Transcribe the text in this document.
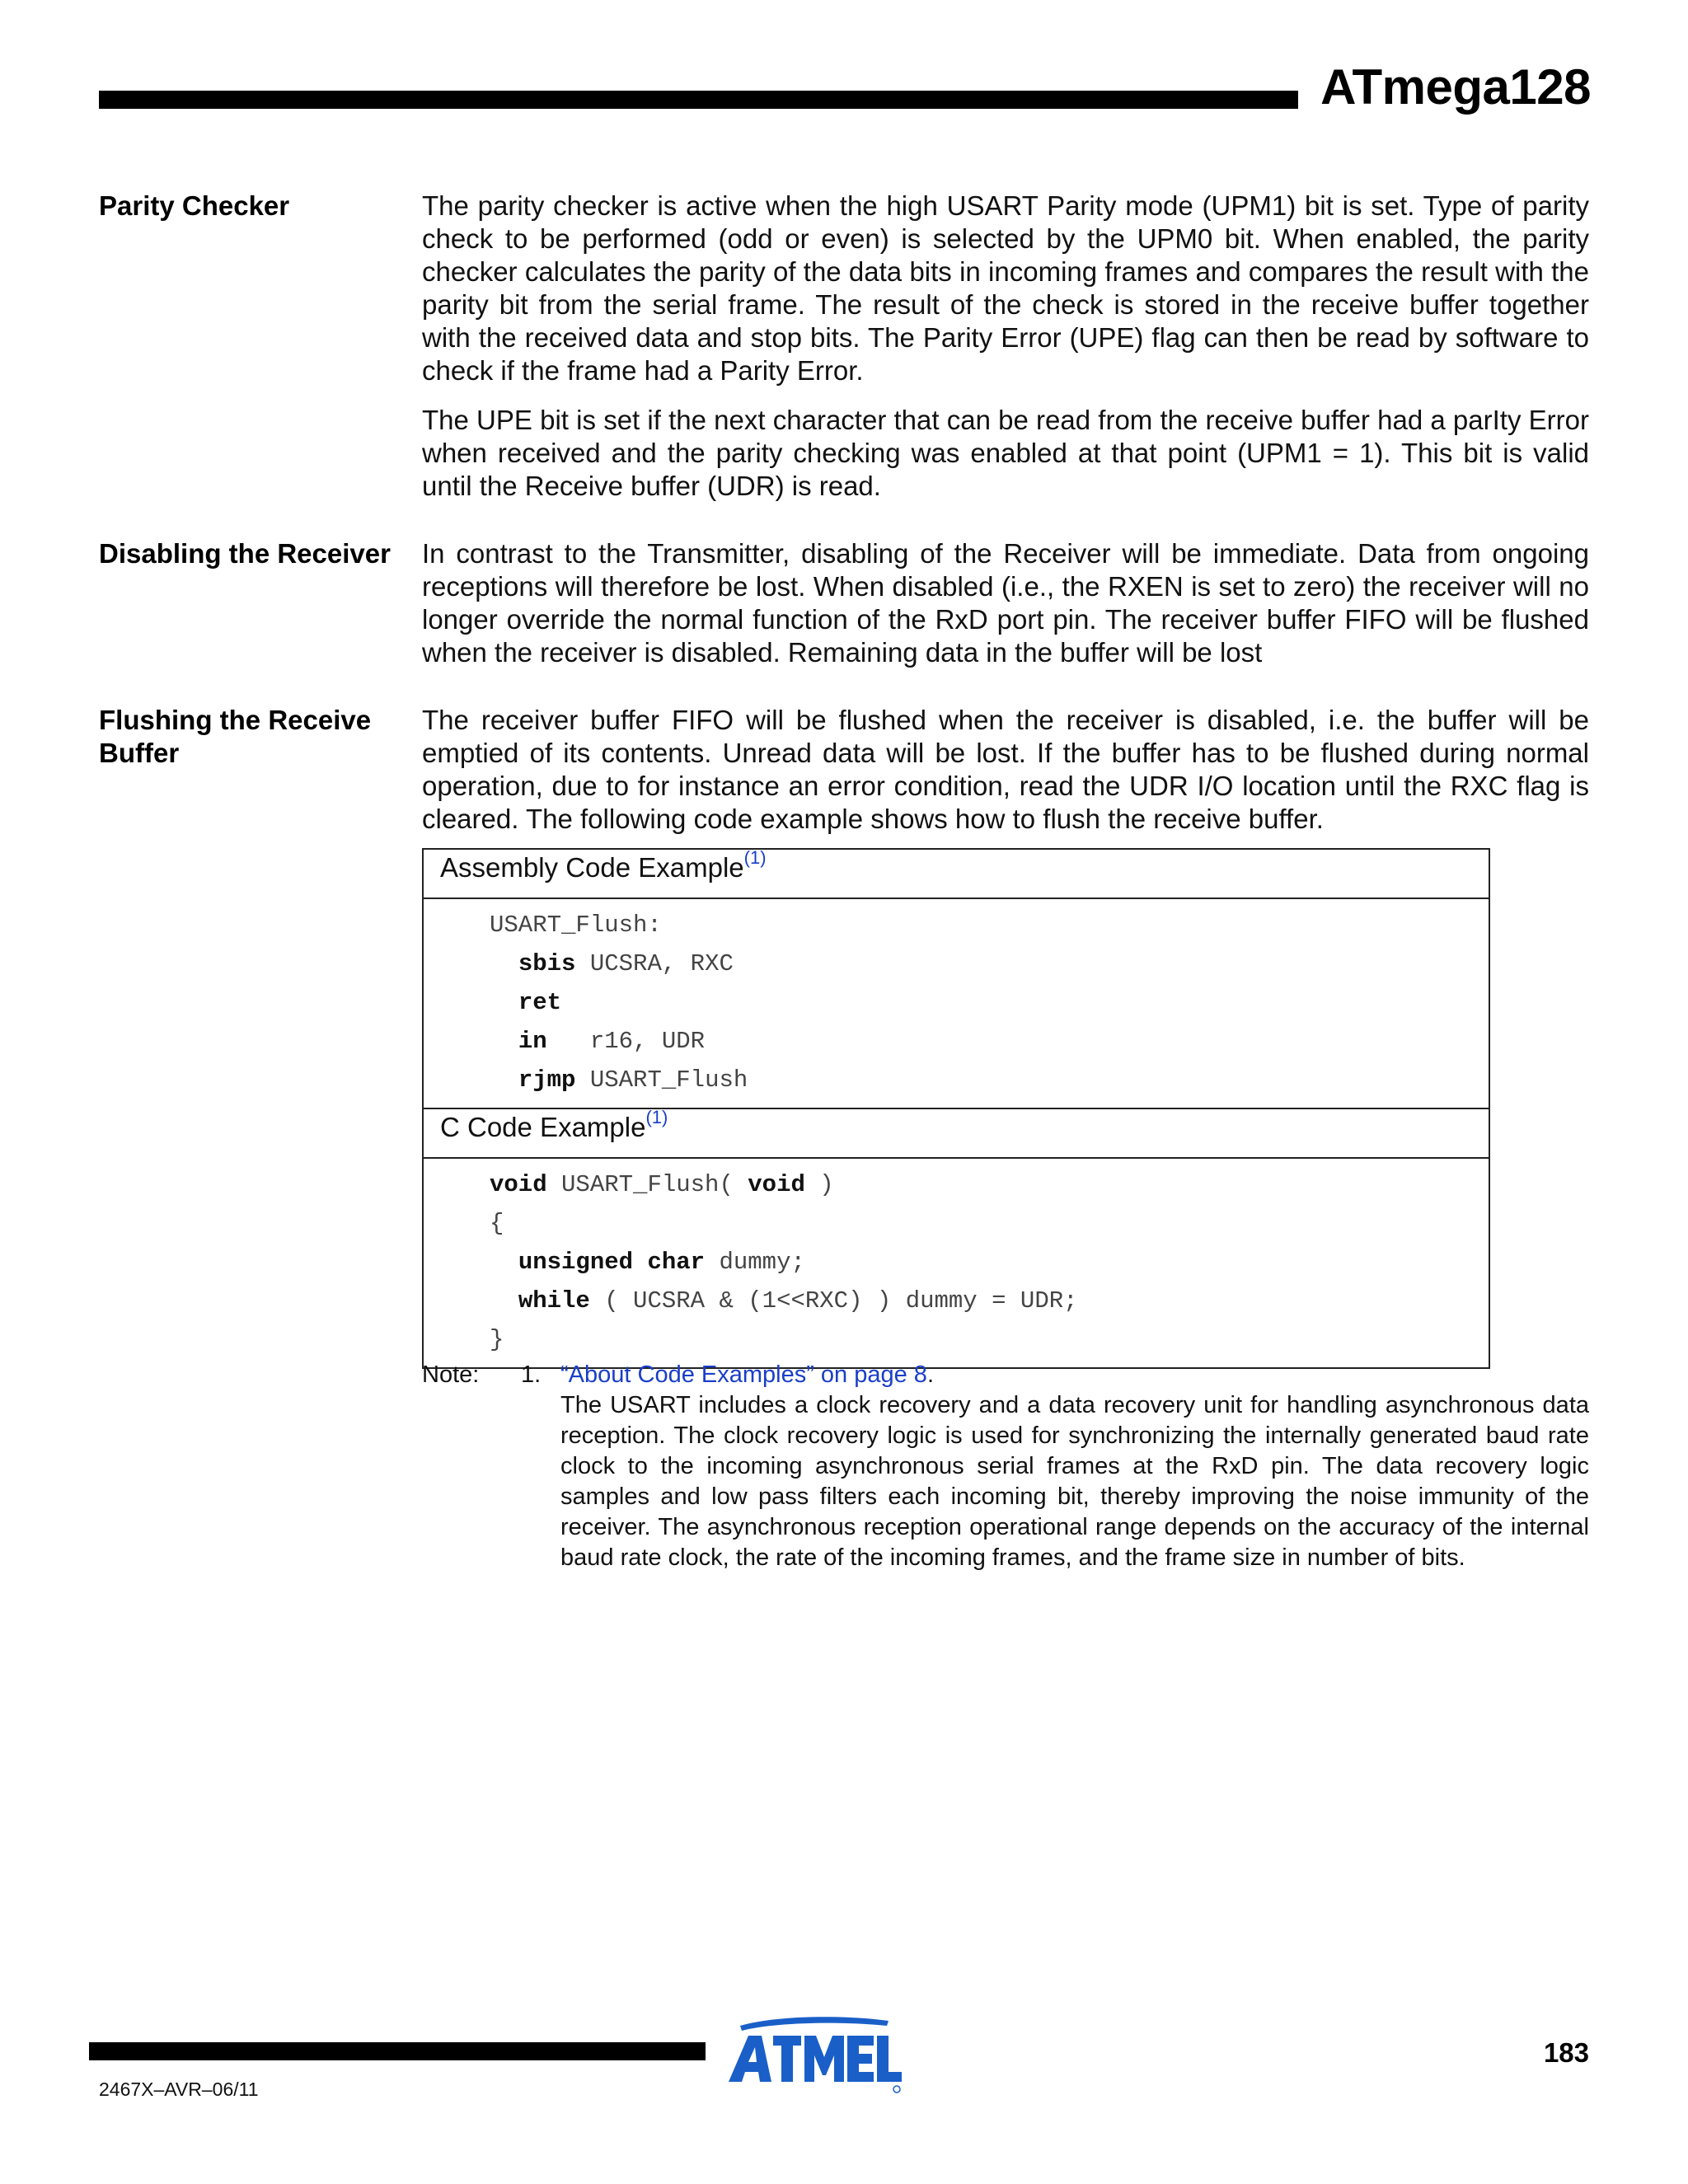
ATmega128
Parity Checker	The parity checker is active when the high USART Parity mode (UPM1) bit is set. Type of parity check to be performed (odd or even) is selected by the UPM0 bit. When enabled, the parity checker calculates the parity of the data bits in incoming frames and compares the result with the parity bit from the serial frame. The result of the check is stored in the receive buffer together with the received data and stop bits. The Parity Error (UPE) flag can then be read by software to check if the frame had a Parity Error.

The UPE bit is set if the next character that can be read from the receive buffer had a parIty Error when received and the parity checking was enabled at that point (UPM1 = 1). This bit is valid until the Receive buffer (UDR) is read.

Disabling the Receiver	In contrast to the Transmitter, disabling of the Receiver will be immediate. Data from ongoing receptions will therefore be lost. When disabled (i.e., the RXEN is set to zero) the receiver will no longer override the normal function of the RxD port pin. The receiver buffer FIFO will be flushed when the receiver is disabled. Remaining data in the buffer will be lost

Flushing the Receive Buffer

The receiver buffer FIFO will be flushed when the receiver is disabled, i.e. the buffer will be emptied of its contents. Unread data will be lost. If the buffer has to be flushed during normal operation, due to for instance an error condition, read the UDR I/O location until the RXC flag is cleared. The following code example shows how to flush the receive buffer.

Assembly Code Example$^{(1)}$
USART_Flush:
sbis UCSRA, RXC
ret
in   r16, UDR
rjmp USART_Flush
C Code Example$^{(1)}$
void USART_Flush( void )
{
unsigned char dummy;
while ( UCSRA & (1<<RXC) ) dummy = UDR;
}
Note: 1. “About Code Examples” on page 8.
The USART includes a clock recovery and a data recovery unit for handling asynchronous data reception. The clock recovery logic is used for synchronizing the internally generated baud rate clock to the incoming asynchronous serial frames at the RxD pin. The data recovery logic samples and low pass filters each incoming bit, thereby improving the noise immunity of the receiver. The asynchronous reception operational range depends on the accuracy of the internal baud rate clock, the rate of the incoming frames, and the frame size in number of bits.
183
2467X–AVR–06/11
